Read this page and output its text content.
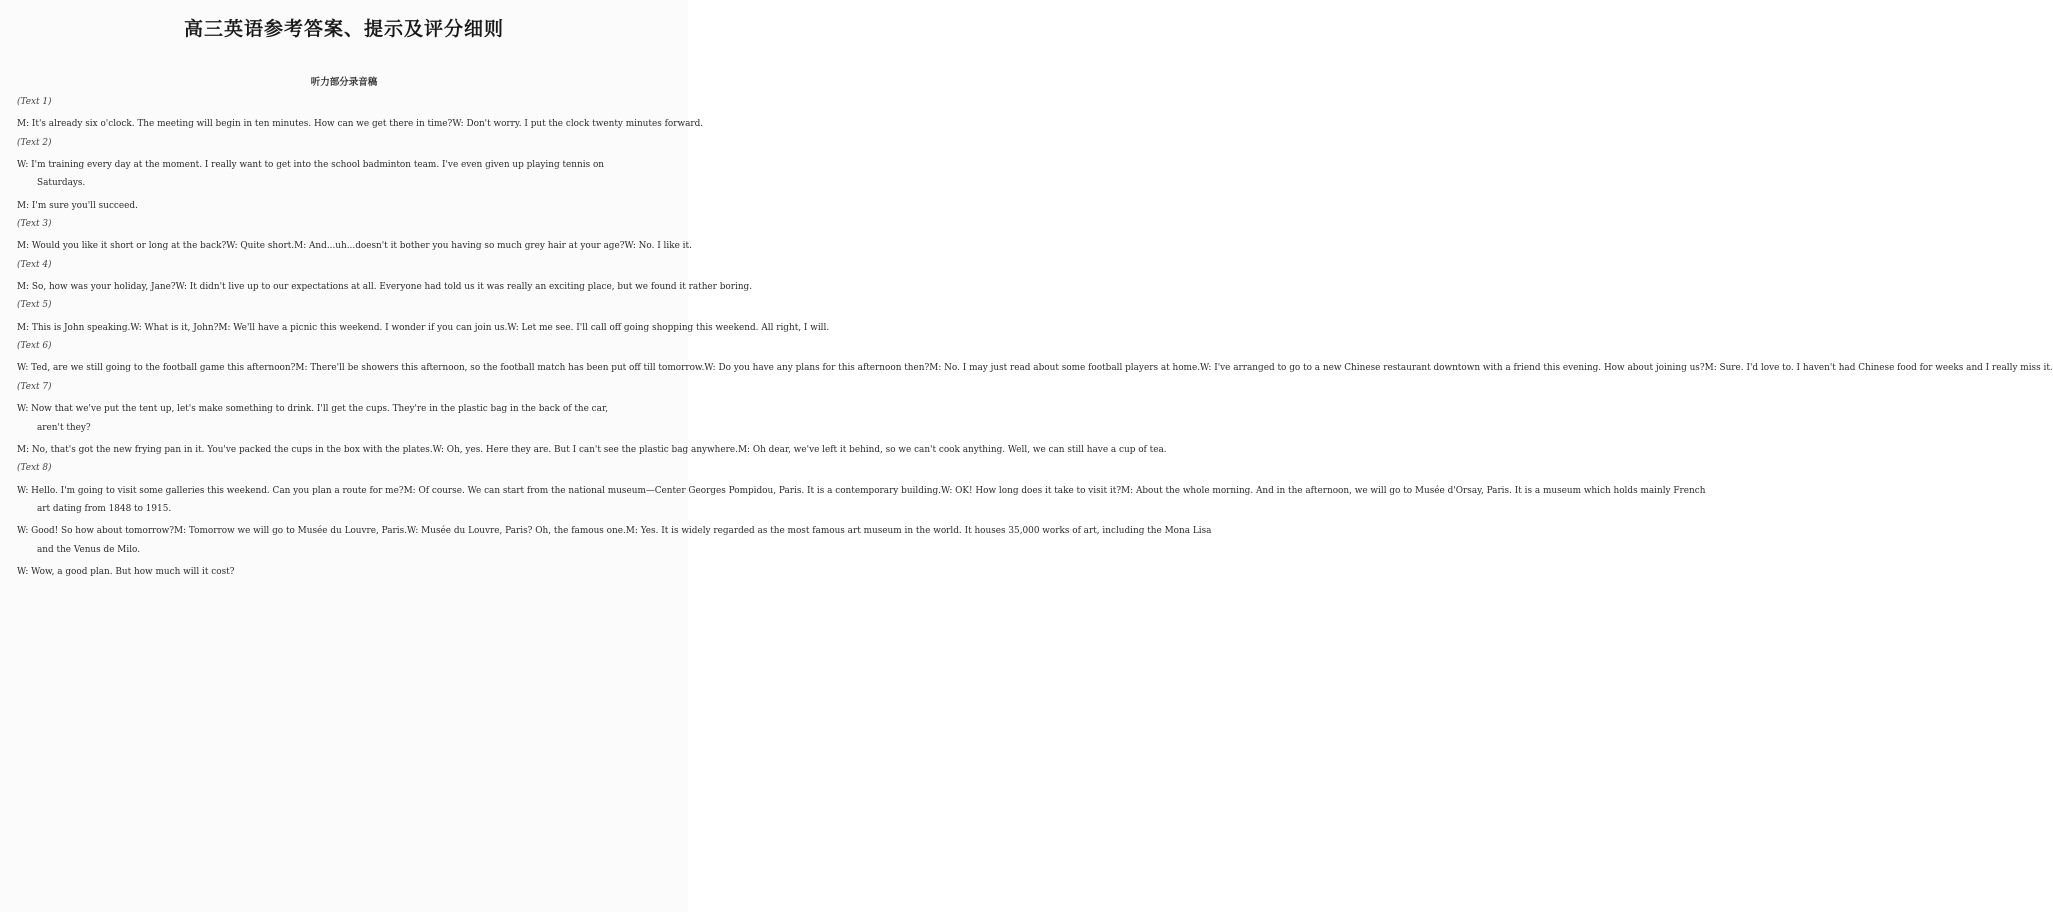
高三英语参考答案、提示及评分细则
听力部分录音稿
(Text 1)
M: It's already six o'clock. The meeting will begin in ten minutes. How can we get there in time?W: Don't worry. I put the clock twenty minutes forward.
(Text 2)
W: I'm training every day at the moment. I really want to get into the school badminton team. I've even given up playing tennis on
Saturdays.
M: I'm sure you'll succeed.
(Text 3)
M: Would you like it short or long at the back?W: Quite short.M: And...uh...doesn't it bother you having so much grey hair at your age?W: No. I like it.
(Text 4)
M: So, how was your holiday, Jane?W: It didn't live up to our expectations at all. Everyone had told us it was really an exciting place, but we found it rather boring.
(Text 5)
M: This is John speaking.W: What is it, John?M: We'll have a picnic this weekend. I wonder if you can join us.W: Let me see. I'll call off going shopping this weekend. All right, I will.
(Text 6)
W: Ted, are we still going to the football game this afternoon?M: There'll be showers this afternoon, so the football match has been put off till tomorrow.W: Do you have any plans for this afternoon then?M: No. I may just read about some football players at home.W: I've arranged to go to a new Chinese restaurant downtown with a friend this evening. How about joining us?M: Sure. I'd love to. I haven't had Chinese food for weeks and I really miss it.
(Text 7)
W: Now that we've put the tent up, let's make something to drink. I'll get the cups. They're in the plastic bag in the back of the car,
aren't they?
M: No, that's got the new frying pan in it. You've packed the cups in the box with the plates.W: Oh, yes. Here they are. But I can't see the plastic bag anywhere.M: Oh dear, we've left it behind, so we can't cook anything. Well, we can still have a cup of tea.
(Text 8)
W: Hello. I'm going to visit some galleries this weekend. Can you plan a route for me?M: Of course. We can start from the national museum—Center Georges Pompidou, Paris. It is a contemporary building.W: OK! How long does it take to visit it?M: About the whole morning. And in the afternoon, we will go to Musée d'Orsay, Paris. It is a museum which holds mainly French
art dating from 1848 to 1915.
W: Good! So how about tomorrow?M: Tomorrow we will go to Musée du Louvre, Paris.W: Musée du Louvre, Paris? Oh, the famous one.M: Yes. It is widely regarded as the most famous art museum in the world. It houses 35,000 works of art, including the Mona Lisa
and the Venus de Milo.
W: Wow, a good plan. But how much will it cost?
